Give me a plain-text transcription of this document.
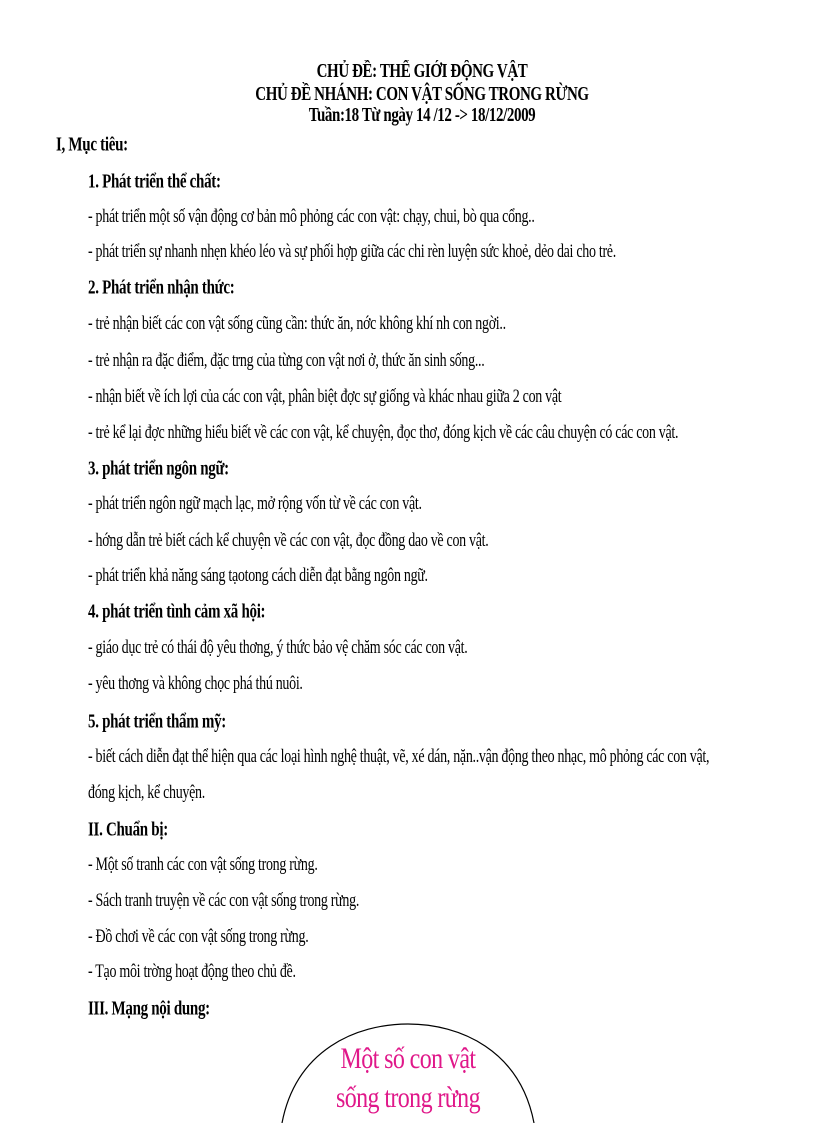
CHỦ ĐỀ: THẾ GIỚI ĐỘNG VẬT
CHỦ ĐỀ NHÁNH: CON VẬT SỐNG TRONG RỪNG
Tuần:18 Từ ngày 14 /12 -> 18/12/2009
I, Mục tiêu:
1. Phát triển thể chất:
- phát triển một số vận động cơ bản mô phỏng các con vật: chạy, chui, bò qua cổng..
- phát triển sự nhanh nhẹn khéo léo và sự phối hợp giữa các chi rèn luyện sức khoẻ, dẻo dai cho trẻ.
2. Phát triển nhận thức:
- trẻ nhận biết các con vật sống cũng cần: thức ăn, nớc không khí nh con ngời..
- trẻ nhận ra đặc điểm, đặc trng của từng con vật nơi ở, thức ăn sinh sống...
- nhận biết về ích lợi của các con vật, phân biệt đợc sự giống và khác nhau giữa 2 con vật
- trẻ kể lại đợc những hiểu biết về các con vật, kể chuyện, đọc thơ, đóng kịch về các câu chuyện có các con vật.
3. phát triển ngôn ngữ:
- phát triển ngôn ngữ mạch lạc, mở rộng vốn từ về các con vật.
- hớng dẫn trẻ biết cách kể chuyện về các con vật, đọc đồng dao về con vật.
- phát triển khả năng sáng tạotong cách diễn đạt bằng ngôn ngữ.
4. phát triển tình cảm xã hội:
- giáo dục trẻ có thái độ yêu thơng, ý thức bảo vệ chăm sóc các con vật.
- yêu thơng và không chọc phá thú nuôi.
5. phát triển thẩm mỹ:
- biết cách diễn đạt thể hiện qua các loại hình nghệ thuật, vẽ, xé dán, nặn..vận động theo nhạc, mô phỏng các con vật,
đóng kịch, kể chuyện.
II. Chuẩn bị:
- Một số tranh các con vật sống trong rừng.
- Sách tranh truyện về các con vật sống trong rừng.
- Đồ chơi về các con vật sống trong rừng.
- Tạo môi trờng hoạt động theo chủ đề.
III. Mạng nội dung:
Một số con vật
sống trong rừng
